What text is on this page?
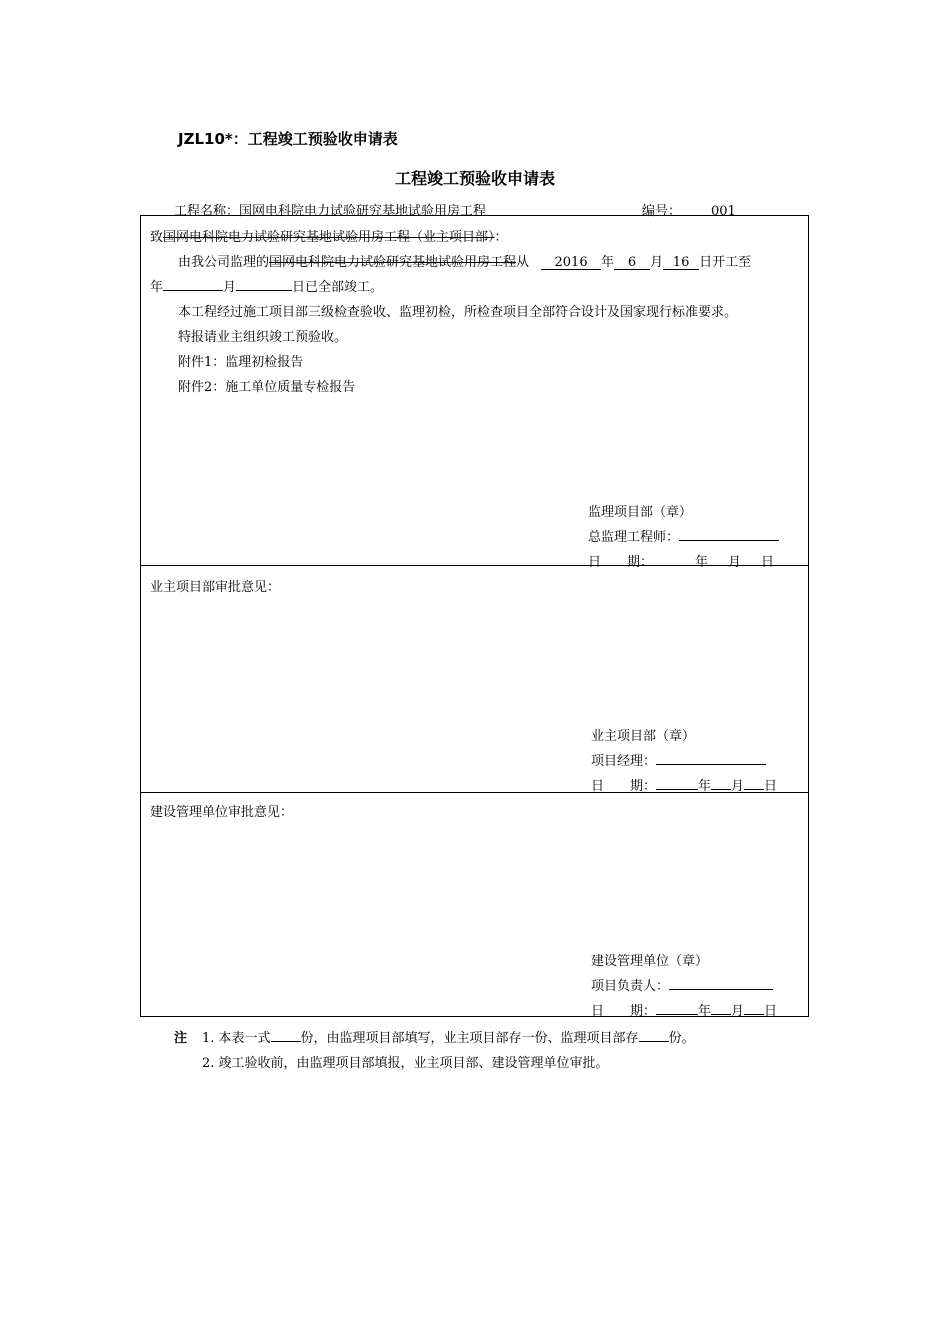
JZL10*：工程竣工预验收申请表
工程竣工预验收申请表
工程名称：国网电科院电力试验研究基地试验用房工程	编号： 001
致国网电科院电力试验研究基地试验用房工程（业主项目部）：
由我公司监理的国网电科院电力试验研究基地试验用房工程从 2016 年 6 月 16 日开工至
年	月	日已全部竣工。
本工程经过施工项目部三级检查验收、监理初检，所检查项目全部符合设计及国家现行标准要求。
特报请业主组织竣工预验收。
附件1：监理初检报告
附件2：施工单位质量专检报告
监理项目部（章）
总监理工程师：
日　　期：	年 月 日
业主项目部审批意见：
业主项目部（章）
项目经理：
日　　期：	年 月 日
建设管理单位审批意见：
建设管理单位（章）
项目负责人：
日　　期：	年 月 日
注 1. 本表一式 份，由监理项目部填写，业主项目部存一份、监理项目部存 份。
2. 竣工验收前，由监理项目部填报，业主项目部、建设管理单位审批。
